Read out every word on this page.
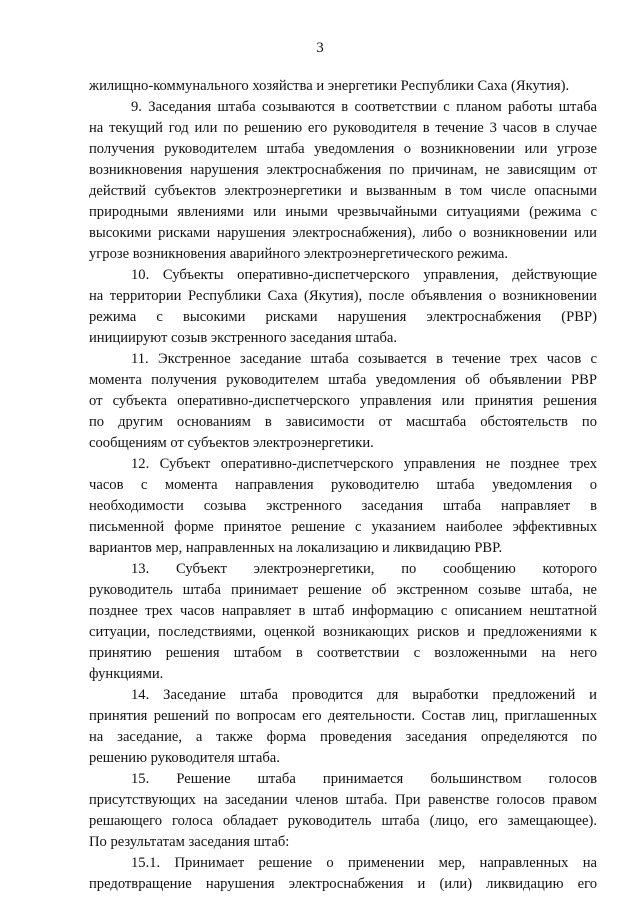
3
жилищно-коммунального хозяйства и энергетики Республики Саха (Якутия).
9. Заседания штаба созываются в соответствии с планом работы штаба
на текущий год или по решению его руководителя в течение 3 часов в случае
получения руководителем штаба уведомления о возникновении или угрозе
возникновения нарушения электроснабжения по причинам, не зависящим от
действий субъектов электроэнергетики и вызванным в том числе опасными
природными явлениями или иными чрезвычайными ситуациями (режима с
высокими рисками нарушения электроснабжения), либо о возникновении или
угрозе возникновения аварийного электроэнергетического режима.
10. Субъекты оперативно-диспетчерского управления, действующие
на территории Республики Саха (Якутия), после объявления о возникновении
режима с высокими рисками нарушения электроснабжения (РВР)
инициируют созыв экстренного заседания штаба.
11. Экстренное заседание штаба созывается в течение трех часов с
момента получения руководителем штаба уведомления об объявлении РВР
от субъекта оперативно-диспетчерского управления или принятия решения
по другим основаниям в зависимости от масштаба обстоятельств по
сообщениям от субъектов электроэнергетики.
12. Субъект оперативно-диспетчерского управления не позднее трех
часов с момента направления руководителю штаба уведомления о
необходимости созыва экстренного заседания штаба направляет в
письменной форме принятое решение с указанием наиболее эффективных
вариантов мер, направленных на локализацию и ликвидацию РВР.
13. Субъект электроэнергетики, по сообщению которого
руководитель штаба принимает решение об экстренном созыве штаба, не
позднее трех часов направляет в штаб информацию с описанием нештатной
ситуации, последствиями, оценкой возникающих рисков и предложениями к
принятию решения штабом в соответствии с возложенными на него
функциями.
14. Заседание штаба проводится для выработки предложений и
принятия решений по вопросам его деятельности. Состав лиц, приглашенных
на заседание, а также форма проведения заседания определяются по
решению руководителя штаба.
15. Решение штаба принимается большинством голосов
присутствующих на заседании членов штаба. При равенстве голосов правом
решающего голоса обладает руководитель штаба (лицо, его замещающее).
По результатам заседания штаб:
15.1. Принимает решение о применении мер, направленных на
предотвращение нарушения электроснабжения и (или) ликвидацию его
